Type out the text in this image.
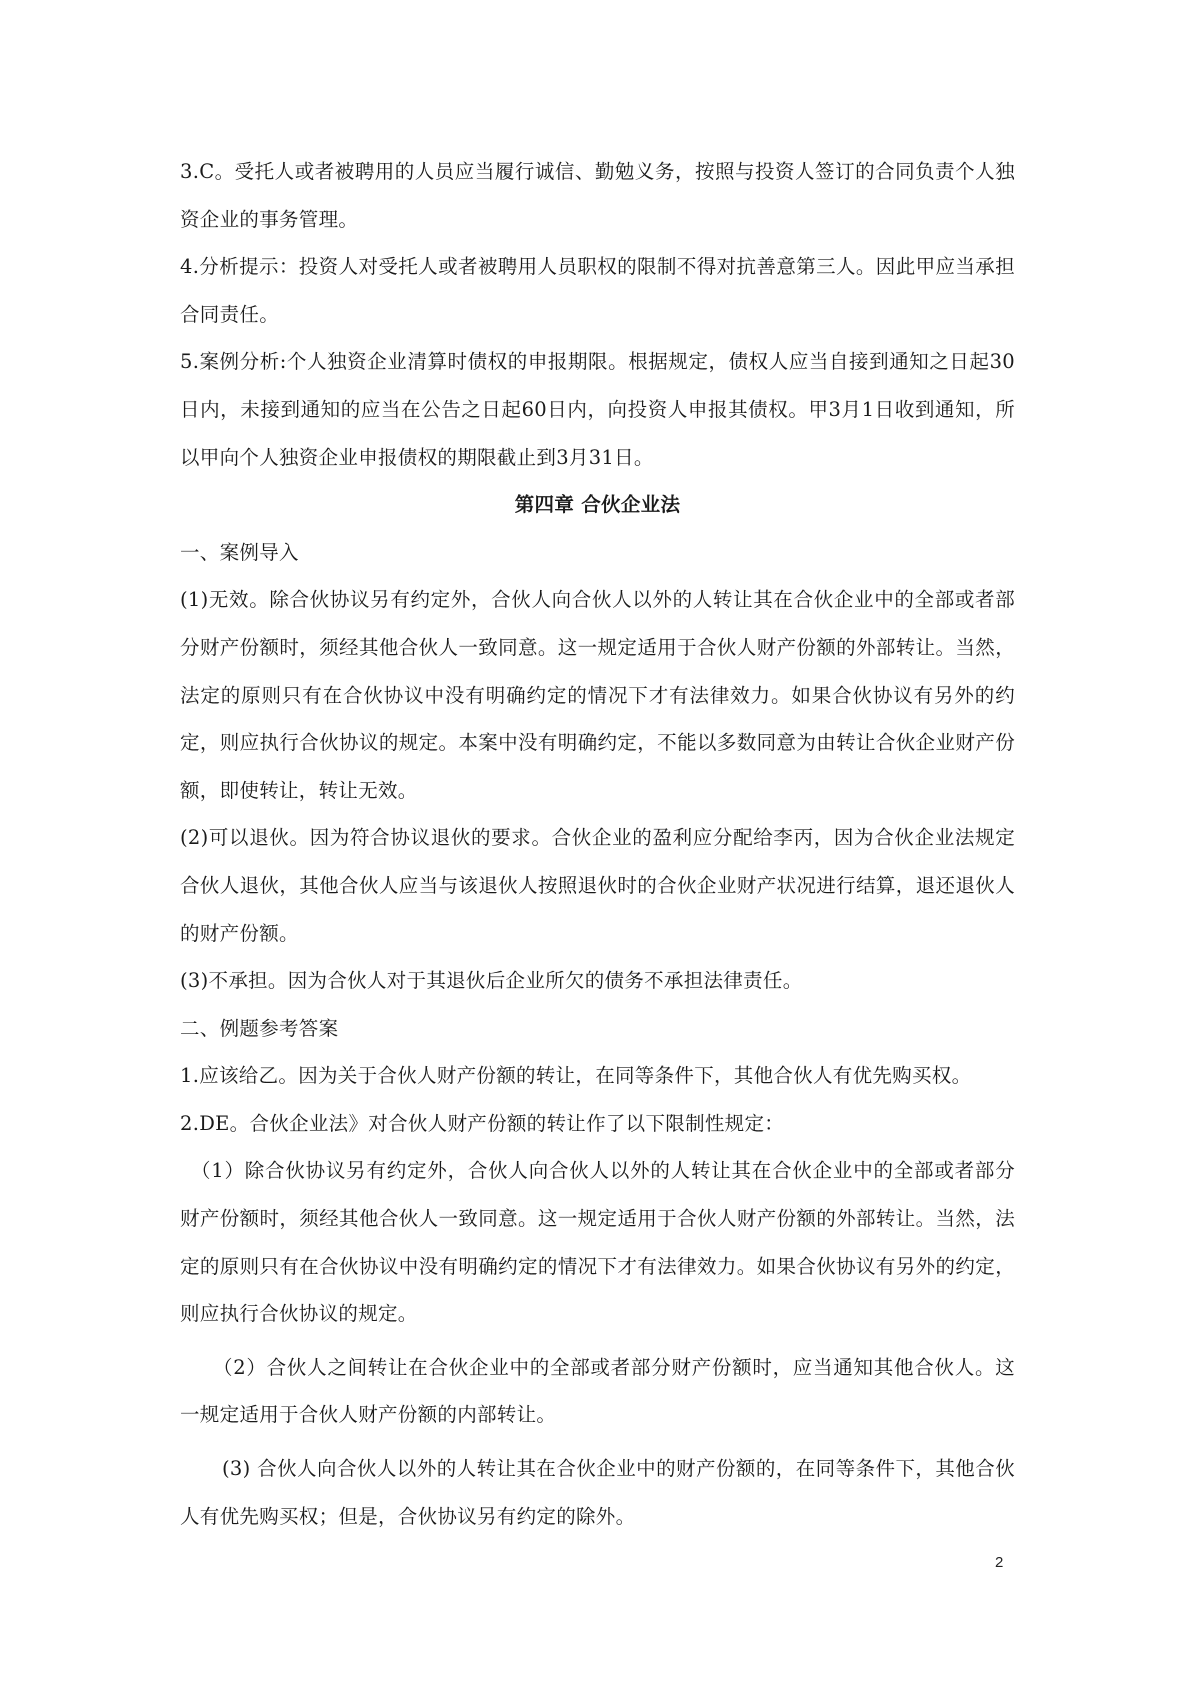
3.C。受托人或者被聘用的人员应当履行诚信、勤勉义务，按照与投资人签订的合同负责个人独资企业的事务管理。

4.分析提示：投资人对受托人或者被聘用人员职权的限制不得对抗善意第三人。因此甲应当承担合同责任。

5.案例分析:个人独资企业清算时债权的申报期限。根据规定，债权人应当自接到通知之日起30日内，未接到通知的应当在公告之日起60日内，向投资人申报其债权。甲3月1日收到通知，所以甲向个人独资企业申报债权的期限截止到3月31日。

第四章 合伙企业法

一、案例导入

(1)无效。除合伙协议另有约定外，合伙人向合伙人以外的人转让其在合伙企业中的全部或者部分财产份额时，须经其他合伙人一致同意。这一规定适用于合伙人财产份额的外部转让。当然，法定的原则只有在合伙协议中没有明确约定的情况下才有法律效力。如果合伙协议有另外的约定，则应执行合伙协议的规定。本案中没有明确约定，不能以多数同意为由转让合伙企业财产份额，即使转让，转让无效。

(2)可以退伙。因为符合协议退伙的要求。合伙企业的盈利应分配给李丙，因为合伙企业法规定合伙人退伙，其他合伙人应当与该退伙人按照退伙时的合伙企业财产状况进行结算，退还退伙人的财产份额。

(3)不承担。因为合伙人对于其退伙后企业所欠的债务不承担法律责任。

二、例题参考答案

1.应该给乙。因为关于合伙人财产份额的转让，在同等条件下，其他合伙人有优先购买权。

2.DE。合伙企业法》对合伙人财产份额的转让作了以下限制性规定：

（1）除合伙协议另有约定外，合伙人向合伙人以外的人转让其在合伙企业中的全部或者部分财产份额时，须经其他合伙人一致同意。这一规定适用于合伙人财产份额的外部转让。当然，法定的原则只有在合伙协议中没有明确约定的情况下才有法律效力。如果合伙协议有另外的约定，则应执行合伙协议的规定。

（2）合伙人之间转让在合伙企业中的全部或者部分财产份额时，应当通知其他合伙人。这一规定适用于合伙人财产份额的内部转让。

(3) 合伙人向合伙人以外的人转让其在合伙企业中的财产份额的，在同等条件下，其他合伙人有优先购买权；但是，合伙协议另有约定的除外。

2
